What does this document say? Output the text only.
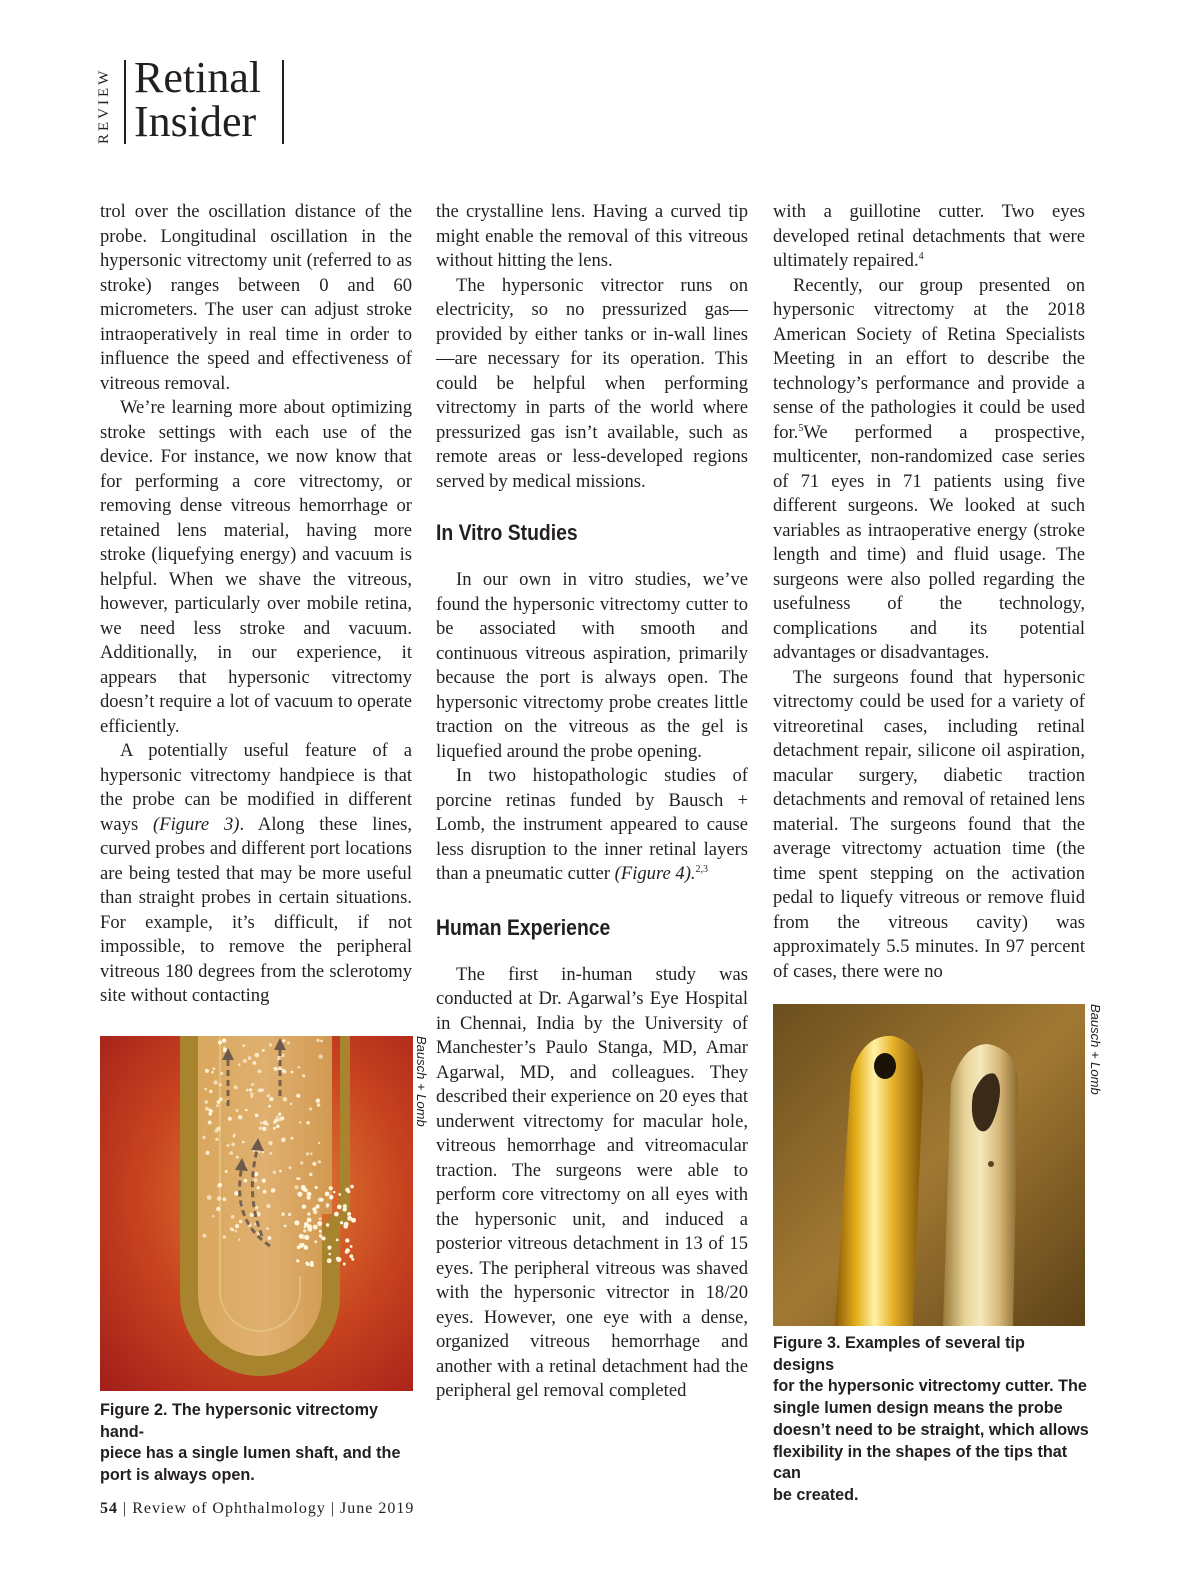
REVIEW Retinal
Insider

trol over the oscillation distance of the probe. Longitudinal oscillation in the hypersonic vitrectomy unit (referred to as stroke) ranges between 0 and 60 micrometers. The user can adjust stroke intraoperatively in real time in order to influence the speed and effectiveness of vitreous removal.

We’re learning more about optimizing stroke settings with each use of the device. For instance, we now know that for performing a core vitrectomy, or removing dense vitreous hemorrhage or retained lens material, having more stroke (liquefying energy) and vacuum is helpful. When we shave the vitreous, however, particularly over mobile retina, we need less stroke and vacuum. Additionally, in our experience, it appears that hypersonic vitrectomy doesn’t require a lot of vacuum to operate efficiently.

A potentially useful feature of a hypersonic vitrectomy handpiece is that the probe can be modified in different ways (Figure 3). Along these lines, curved probes and different port locations are being tested that may be more useful than straight probes in certain situations. For example, it’s difficult, if not impossible, to remove the peripheral vitreous 180 degrees from the sclerotomy site without contacting

the crystalline lens. Having a curved tip might enable the removal of this vitreous without hitting the lens.

The hypersonic vitrector runs on electricity, so no pressurized gas—provided by either tanks or in-wall lines—are necessary for its operation. This could be helpful when performing vitrectomy in parts of the world where pressurized gas isn’t available, such as remote areas or less-developed regions served by medical missions.

In Vitro Studies

In our own in vitro studies, we’ve found the hypersonic vitrectomy cutter to be associated with smooth and continuous vitreous aspiration, primarily because the port is always open. The hypersonic vitrectomy probe creates little traction on the vitreous as the gel is liquefied around the probe opening.

In two histopathologic studies of porcine retinas funded by Bausch + Lomb, the instrument appeared to cause less disruption to the inner retinal layers than a pneumatic cutter (Figure 4).$^{2,3}$

Human Experience

The first in-human study was conducted at Dr. Agarwal’s Eye Hospital in Chennai, India by the University of Manchester’s Paulo Stanga, MD, Amar Agarwal, MD, and colleagues. They described their experience on 20 eyes that underwent vitrectomy for macular hole, vitreous hemorrhage and vitreomacular traction. The surgeons were able to perform core vitrectomy on all eyes with the hypersonic unit, and induced a posterior vitreous detachment in 13 of 15 eyes. The peripheral vitreous was shaved with the hypersonic vitrector in 18/20 eyes. However, one eye with a dense, organized vitreous hemorrhage and another with a retinal detachment had the peripheral gel removal completed

with a guillotine cutter. Two eyes developed retinal detachments that were ultimately repaired.$^4$

Recently, our group presented on hypersonic vitrectomy at the 2018 American Society of Retina Specialists Meeting in an effort to describe the technology’s performance and provide a sense of the pathologies it could be used for.$^5$We performed a prospective, multicenter, non-randomized case series of 71 eyes in 71 patients using five different surgeons. We looked at such variables as intraoperative energy (stroke length and time) and fluid usage. The surgeons were also polled regarding the usefulness of the technology, complications and its potential advantages or disadvantages.

The surgeons found that hypersonic vitrectomy could be used for a variety of vitreoretinal cases, including retinal detachment repair, silicone oil aspiration, macular surgery, diabetic traction detachments and removal of retained lens material. The surgeons found that the average vitrectomy actuation time (the time spent stepping on the activation pedal to liquefy vitreous or remove fluid from the vitreous cavity) was approximately 5.5 minutes. In 97 percent of cases, there were no

Bausch + Lomb
Figure 2. The hypersonic vitrectomy hand-
piece has a single lumen shaft, and the
port is always open.
Bausch + Lomb
Figure 3. Examples of several tip designs
for the hypersonic vitrectomy cutter. The
single lumen design means the probe
doesn’t need to be straight, which allows
flexibility in the shapes of the tips that can
be created.
54 | Review of Ophthalmology | June 2019
